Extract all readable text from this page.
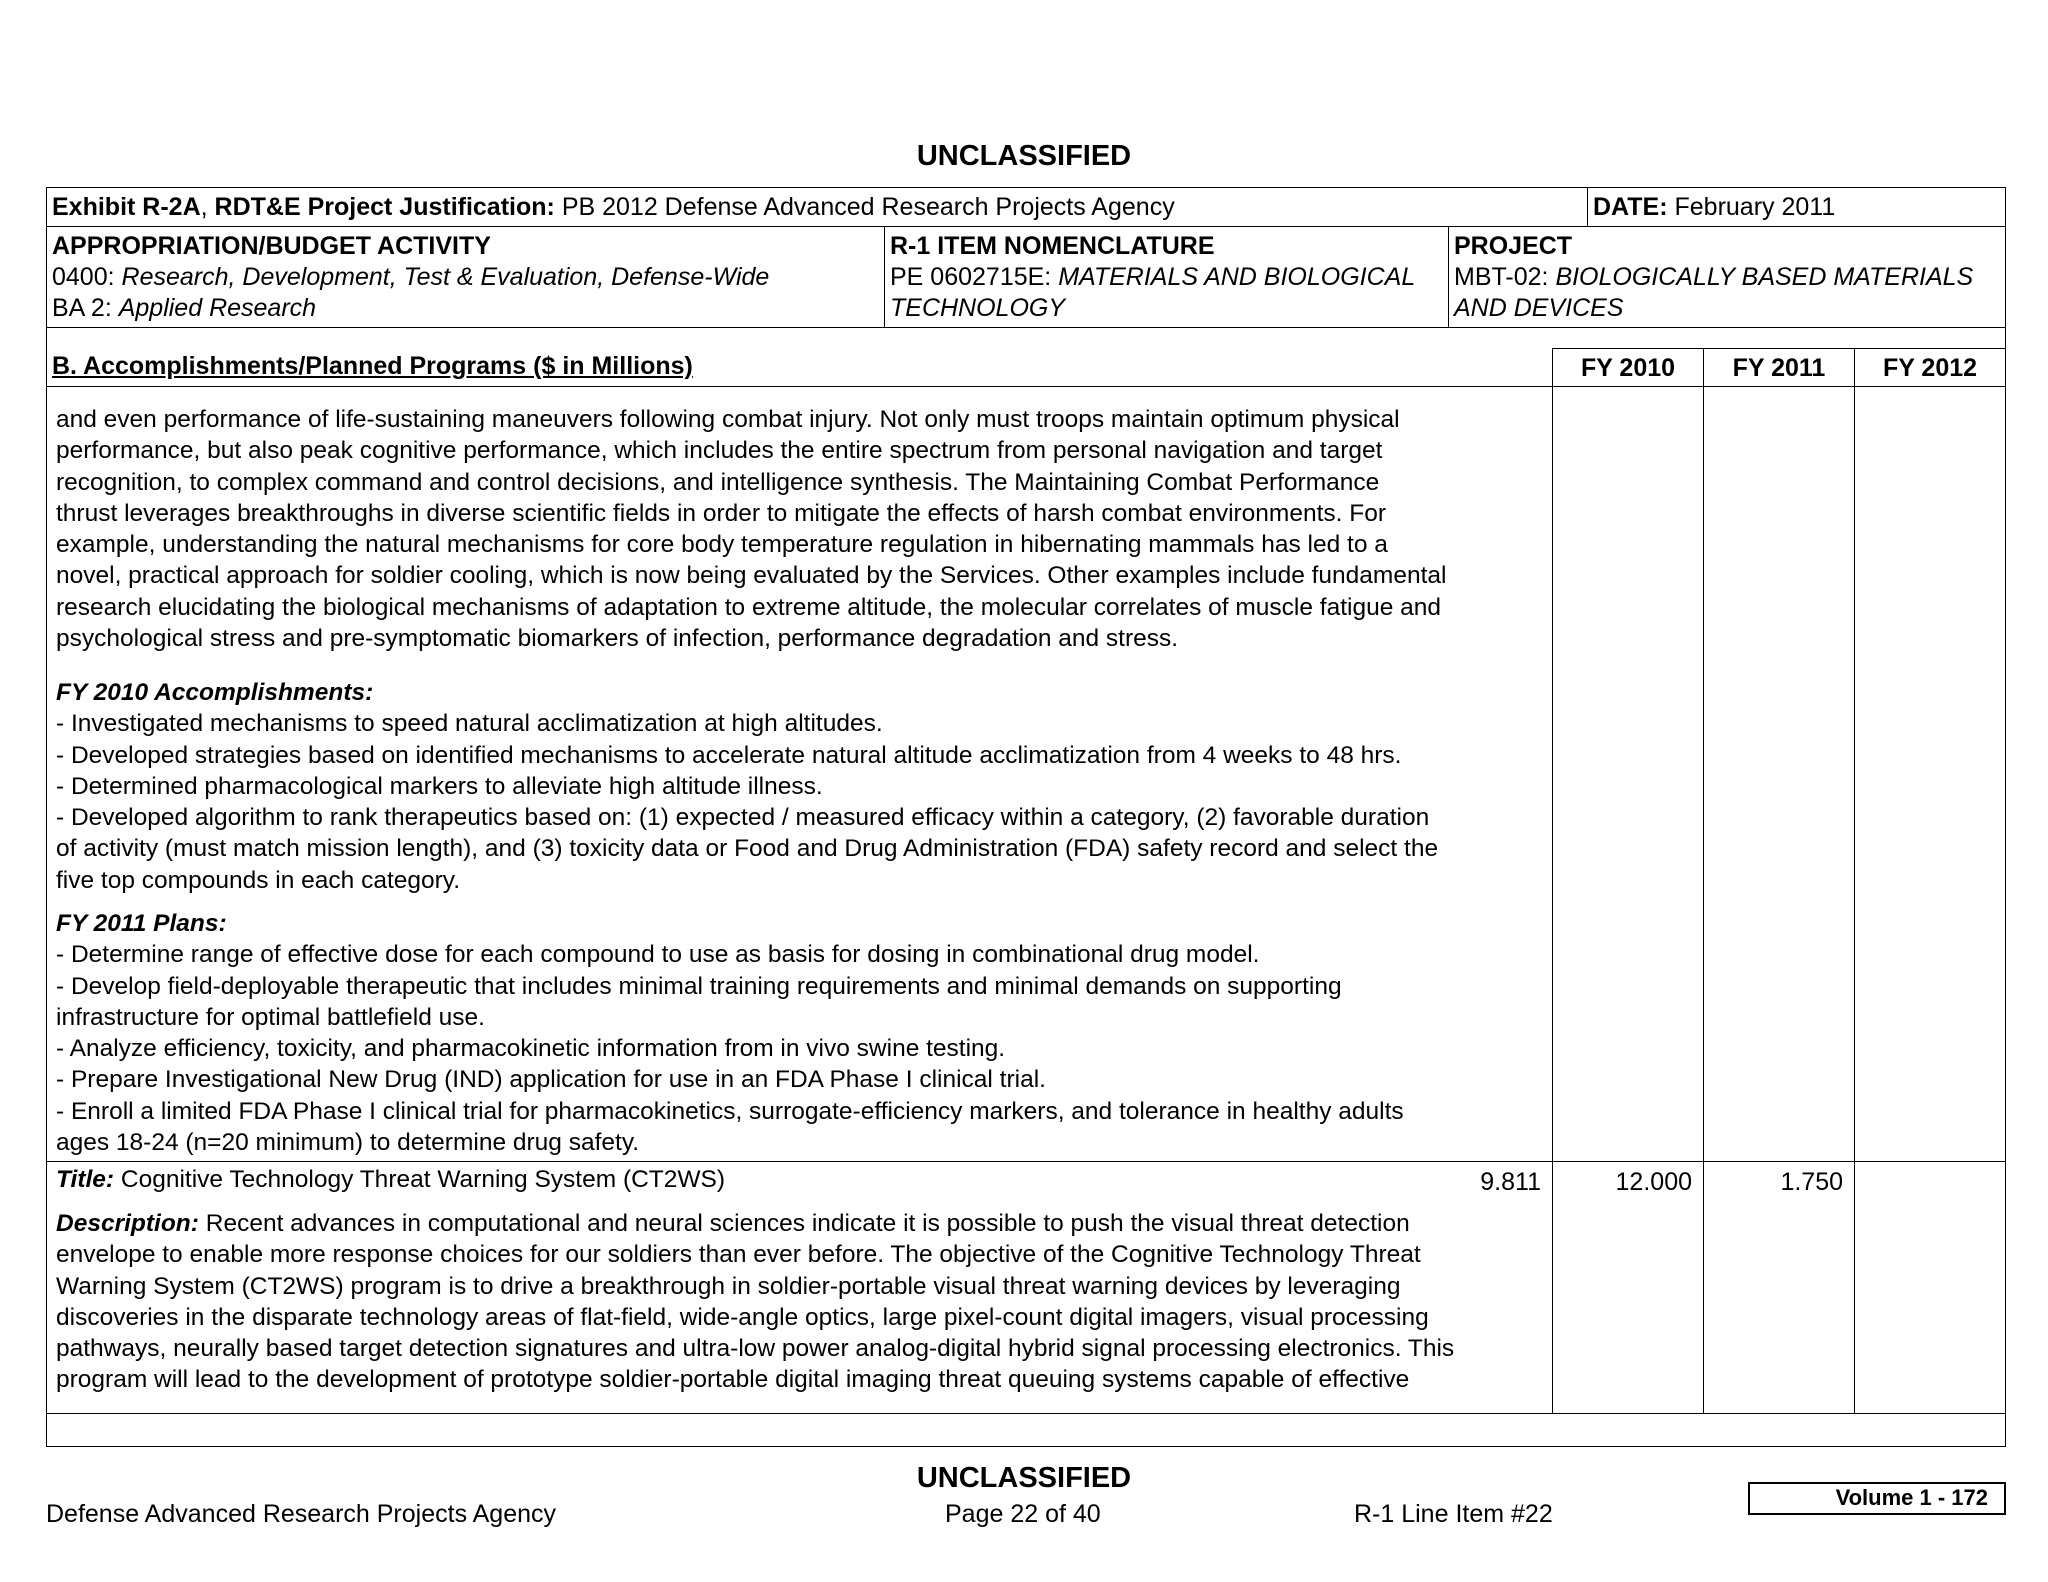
UNCLASSIFIED
Exhibit R-2A, RDT&E Project Justification: PB 2012 Defense Advanced Research Projects Agency	DATE: February 2011
APPROPRIATION/BUDGET ACTIVITY
0400: Research, Development, Test & Evaluation, Defense-Wide
BA 2: Applied Research
R-1 ITEM NOMENCLATURE
PE 0602715E: MATERIALS AND BIOLOGICAL
TECHNOLOGY
PROJECT
MBT-02: BIOLOGICALLY BASED MATERIALS
AND DEVICES
B. Accomplishments/Planned Programs ($ in Millions)	FY 2010	FY 2011	FY 2012
and even performance of life-sustaining maneuvers following combat injury. Not only must troops maintain optimum physical
performance, but also peak cognitive performance, which includes the entire spectrum from personal navigation and target
recognition, to complex command and control decisions, and intelligence synthesis. The Maintaining Combat Performance
thrust leverages breakthroughs in diverse scientific fields in order to mitigate the effects of harsh combat environments. For
example, understanding the natural mechanisms for core body temperature regulation in hibernating mammals has led to a
novel, practical approach for soldier cooling, which is now being evaluated by the Services. Other examples include fundamental
research elucidating the biological mechanisms of adaptation to extreme altitude, the molecular correlates of muscle fatigue and
psychological stress and pre-symptomatic biomarkers of infection, performance degradation and stress.
FY 2010 Accomplishments:
- Investigated mechanisms to speed natural acclimatization at high altitudes.
- Developed strategies based on identified mechanisms to accelerate natural altitude acclimatization from 4 weeks to 48 hrs.
- Determined pharmacological markers to alleviate high altitude illness.
- Developed algorithm to rank therapeutics based on: (1) expected / measured efficacy within a category, (2) favorable duration
of activity (must match mission length), and (3) toxicity data or Food and Drug Administration (FDA) safety record and select the
five top compounds in each category.
FY 2011 Plans:
- Determine range of effective dose for each compound to use as basis for dosing in combinational drug model.
- Develop field-deployable therapeutic that includes minimal training requirements and minimal demands on supporting
infrastructure for optimal battlefield use.
- Analyze efficiency, toxicity, and pharmacokinetic information from in vivo swine testing.
- Prepare Investigational New Drug (IND) application for use in an FDA Phase I clinical trial.
- Enroll a limited FDA Phase I clinical trial for pharmacokinetics, surrogate-efficiency markers, and tolerance in healthy adults
ages 18-24 (n=20 minimum) to determine drug safety.
Title: Cognitive Technology Threat Warning System (CT2WS)	9.811	12.000	1.750
Description: Recent advances in computational and neural sciences indicate it is possible to push the visual threat detection
envelope to enable more response choices for our soldiers than ever before. The objective of the Cognitive Technology Threat
Warning System (CT2WS) program is to drive a breakthrough in soldier-portable visual threat warning devices by leveraging
discoveries in the disparate technology areas of flat-field, wide-angle optics, large pixel-count digital imagers, visual processing
pathways, neurally based target detection signatures and ultra-low power analog-digital hybrid signal processing electronics. This
program will lead to the development of prototype soldier-portable digital imaging threat queuing systems capable of effective
UNCLASSIFIED
Defense Advanced Research Projects Agency	Page 22 of 40	R-1 Line Item #22
Volume 1 - 172
